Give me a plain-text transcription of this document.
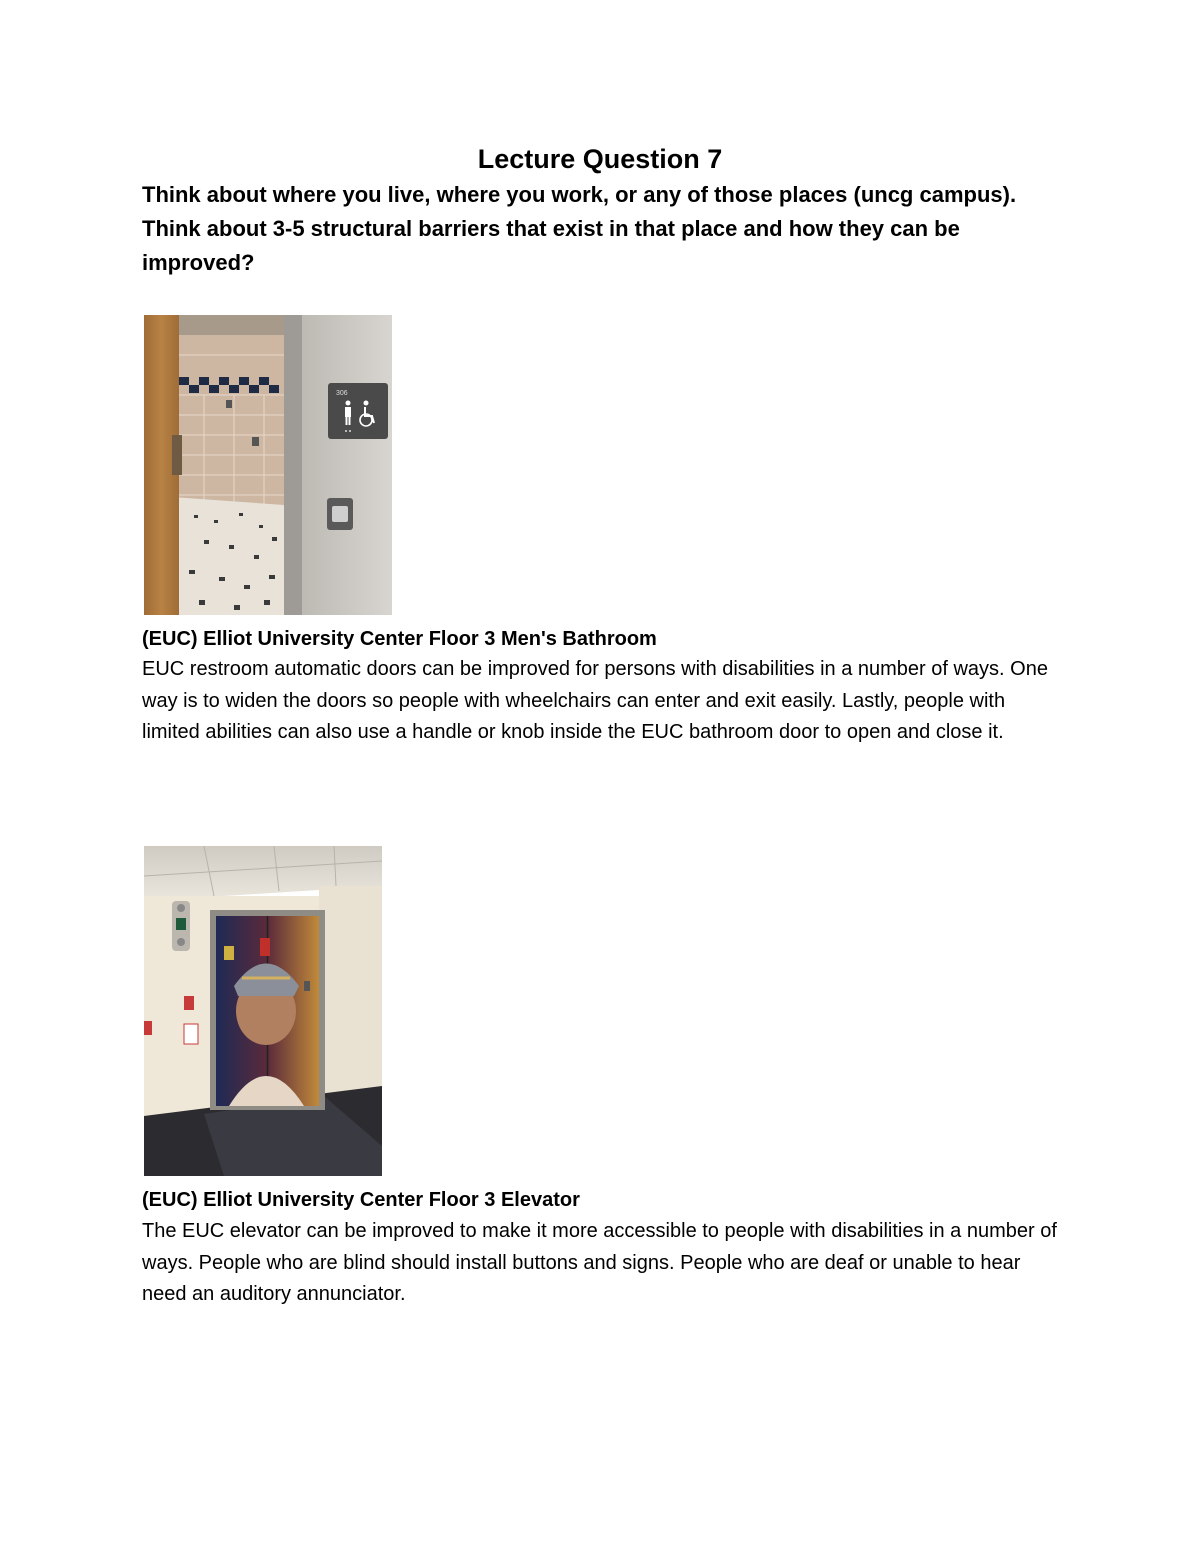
Lecture Question 7
Think about where you live, where you work, or any of those places (uncg campus). Think about 3-5 structural barriers that exist in that place and how they can be improved?
306
(EUC) Elliot University Center Floor 3 Men's Bathroom
EUC restroom automatic doors can be improved for persons with disabilities in a number of ways. One way is to widen the doors so people with wheelchairs can enter and exit easily. Lastly, people with limited abilities can also use a handle or knob inside the EUC bathroom door to open and close it.
(EUC) Elliot University Center Floor 3 Elevator
The EUC elevator can be improved to make it more accessible to people with disabilities in a number of ways. People who are blind should install buttons and signs. People who are deaf or unable to hear need an auditory annunciator.
